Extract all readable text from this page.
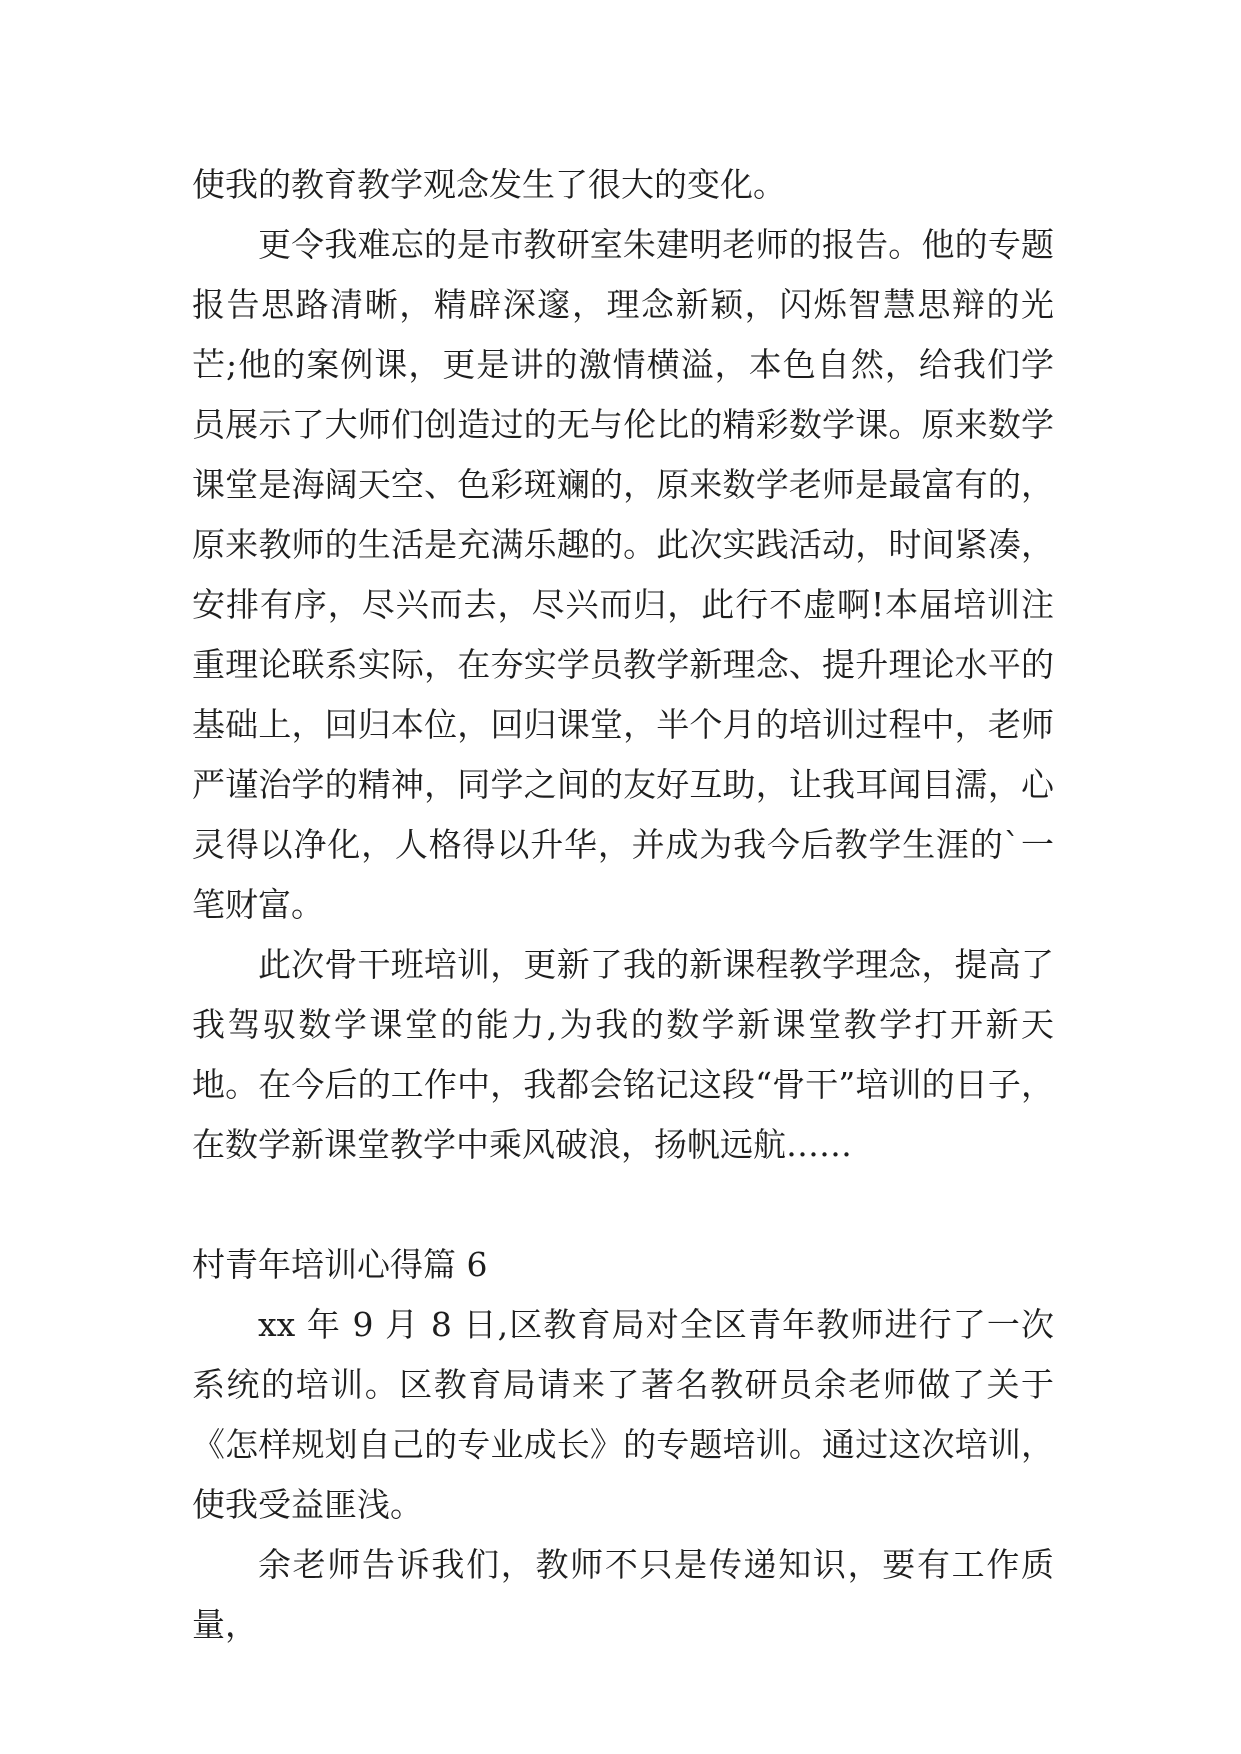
使我的教育教学观念发生了很大的变化。

更令我难忘的是市教研室朱建明老师的报告。他的专题报告思路清晰，精辟深邃，理念新颖，闪烁智慧思辩的光芒;他的案例课，更是讲的激情横溢，本色自然，给我们学员展示了大师们创造过的无与伦比的精彩数学课。原来数学课堂是海阔天空、色彩斑斓的，原来数学老师是最富有的，原来教师的生活是充满乐趣的。此次实践活动，时间紧凑，安排有序，尽兴而去，尽兴而归，此行不虚啊!本届培训注重理论联系实际，在夯实学员教学新理念、提升理论水平的基础上，回归本位，回归课堂，半个月的培训过程中，老师严谨治学的精神，同学之间的友好互助，让我耳闻目濡，心灵得以净化，人格得以升华，并成为我今后教学生涯的`一笔财富。

此次骨干班培训，更新了我的新课程教学理念，提高了我驾驭数学课堂的能力,为我的数学新课堂教学打开新天地。在今后的工作中，我都会铭记这段“骨干”培训的日子，在数学新课堂教学中乘风破浪，扬帆远航……

村青年培训心得篇 6

xx 年 9 月 8 日,区教育局对全区青年教师进行了一次系统的培训。区教育局请来了著名教研员余老师做了关于《怎样规划自己的专业成长》的专题培训。通过这次培训，使我受益匪浅。

余老师告诉我们，教师不只是传递知识，要有工作质量，
